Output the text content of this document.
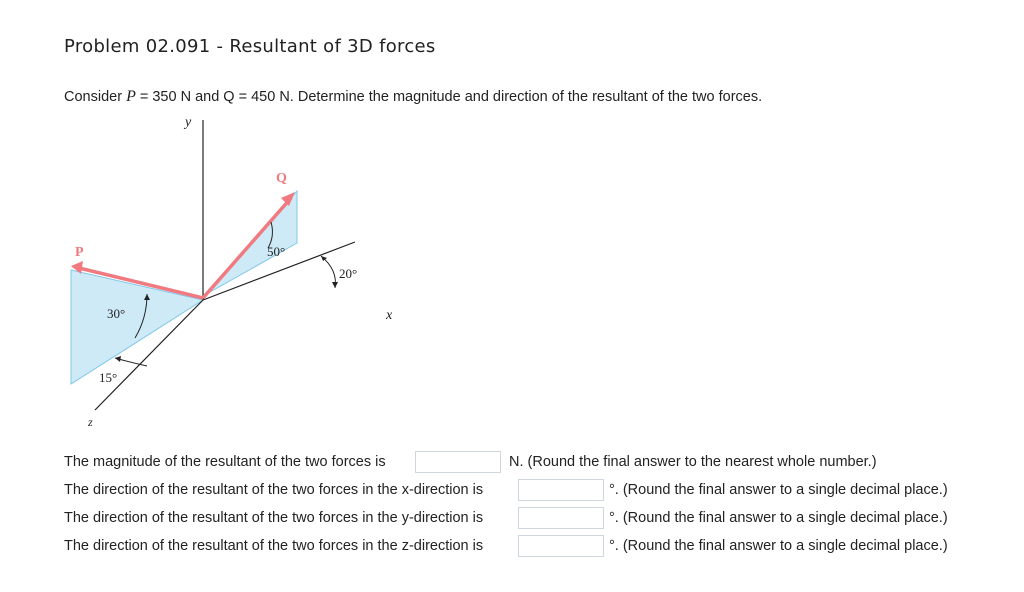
Problem 02.091 - Resultant of 3D forces
Consider P = 350 N and Q = 450 N. Determine the magnitude and direction of the resultant of the two forces.
y
x
z
Q
P	50°
20°
30°
15°
The magnitude of the resultant of the two forces is	N. (Round the final answer to the nearest whole number.)
The direction of the resultant of the two forces in the x-direction is	°. (Round the final answer to a single decimal place.)
The direction of the resultant of the two forces in the y-direction is	°. (Round the final answer to a single decimal place.)
The direction of the resultant of the two forces in the z-direction is	°. (Round the final answer to a single decimal place.)
